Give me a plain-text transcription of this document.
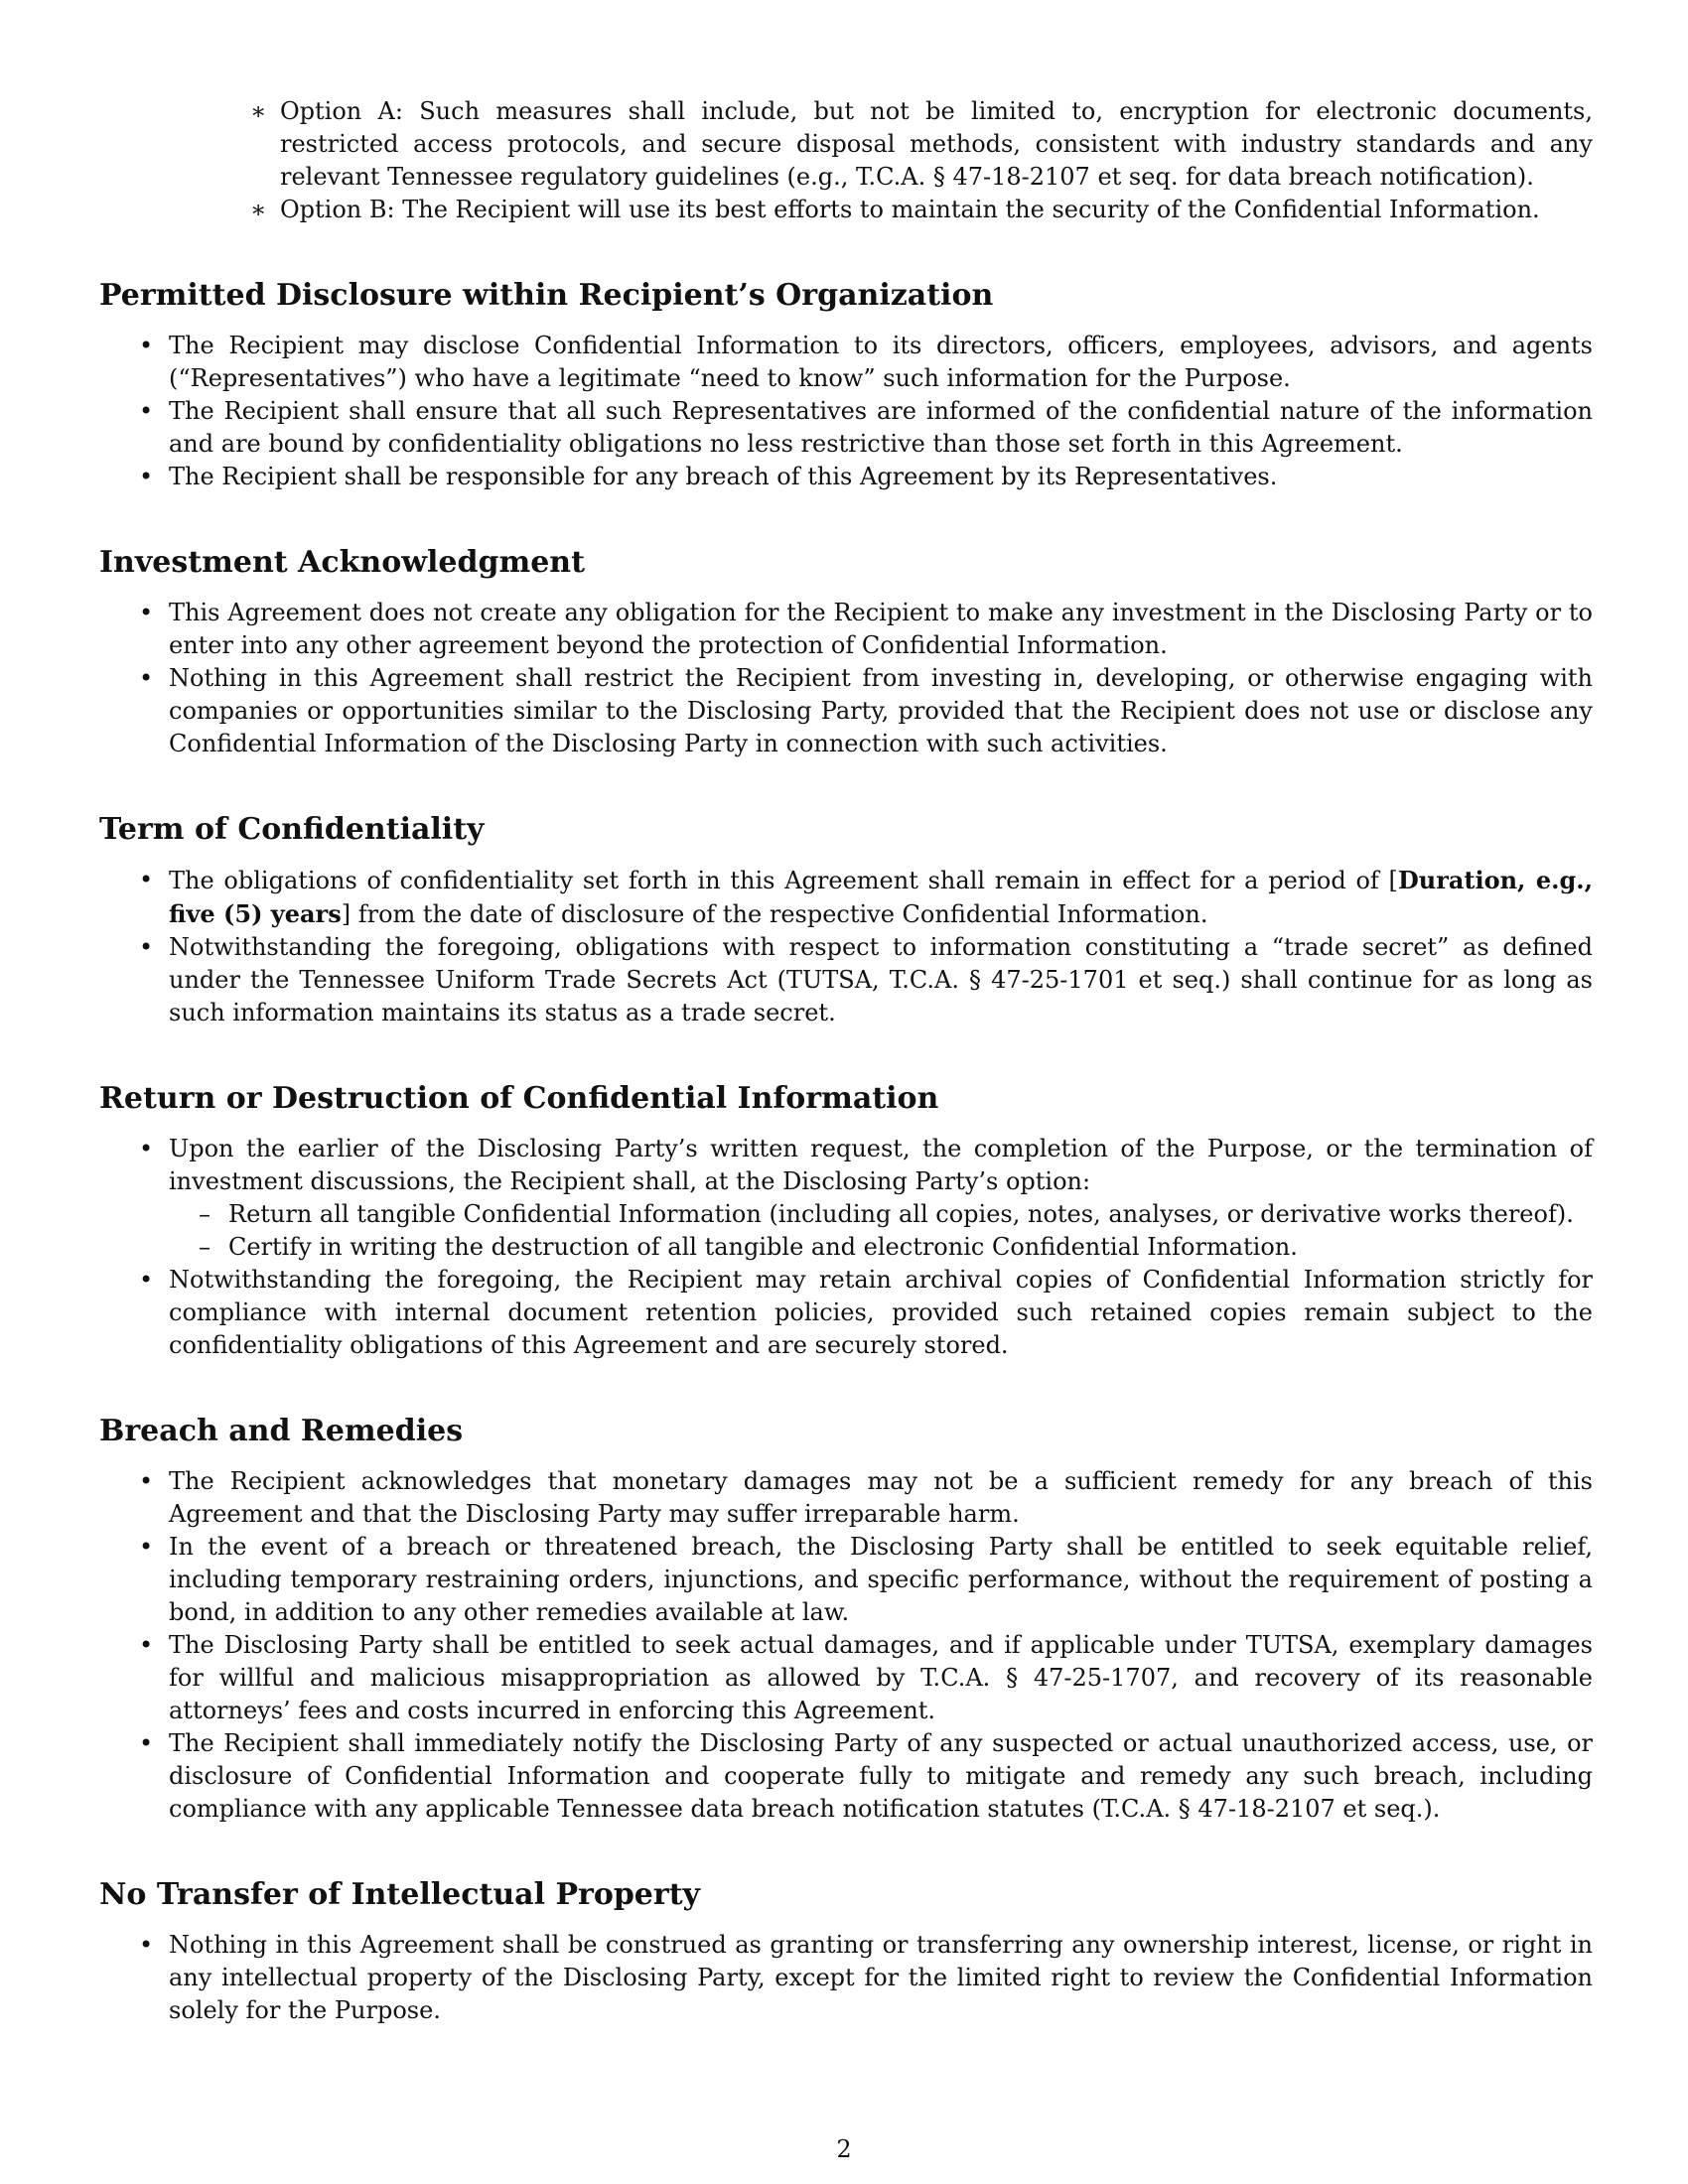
∗ Option A: Such measures shall include, but not be limited to, encryption for electronic documents, restricted access protocols, and secure disposal methods, consistent with industry standards and any relevant Tennessee regulatory guidelines (e.g., T.C.A. § 47-18-2107 et seq. for data breach notification).
∗ Option B: The Recipient will use its best efforts to maintain the security of the Confidential Information.
Permitted Disclosure within Recipient’s Organization
• The Recipient may disclose Confidential Information to its directors, officers, employees, advisors, and agents (“Representatives”) who have a legitimate “need to know” such information for the Purpose.
• The Recipient shall ensure that all such Representatives are informed of the confidential nature of the information and are bound by confidentiality obligations no less restrictive than those set forth in this Agreement.
• The Recipient shall be responsible for any breach of this Agreement by its Representatives.
Investment Acknowledgment
• This Agreement does not create any obligation for the Recipient to make any investment in the Disclosing Party or to enter into any other agreement beyond the protection of Confidential Information.
• Nothing in this Agreement shall restrict the Recipient from investing in, developing, or otherwise engaging with companies or opportunities similar to the Disclosing Party, provided that the Recipient does not use or disclose any Confidential Information of the Disclosing Party in connection with such activities.
Term of Confidentiality
• The obligations of confidentiality set forth in this Agreement shall remain in effect for a period of [Duration, e.g., five (5) years] from the date of disclosure of the respective Confidential Information.
• Notwithstanding the foregoing, obligations with respect to information constituting a “trade secret” as defined under the Tennessee Uniform Trade Secrets Act (TUTSA, T.C.A. § 47-25-1701 et seq.) shall continue for as long as such information maintains its status as a trade secret.
Return or Destruction of Confidential Information
• Upon the earlier of the Disclosing Party’s written request, the completion of the Purpose, or the termination of investment discussions, the Recipient shall, at the Disclosing Party’s option:
– Return all tangible Confidential Information (including all copies, notes, analyses, or derivative works thereof).
– Certify in writing the destruction of all tangible and electronic Confidential Information.
• Notwithstanding the foregoing, the Recipient may retain archival copies of Confidential Information strictly for compliance with internal document retention policies, provided such retained copies remain subject to the confidentiality obligations of this Agreement and are securely stored.
Breach and Remedies
• The Recipient acknowledges that monetary damages may not be a sufficient remedy for any breach of this Agreement and that the Disclosing Party may suffer irreparable harm.
• In the event of a breach or threatened breach, the Disclosing Party shall be entitled to seek equitable relief, including temporary restraining orders, injunctions, and specific performance, without the requirement of posting a bond, in addition to any other remedies available at law.
• The Disclosing Party shall be entitled to seek actual damages, and if applicable under TUTSA, exemplary damages for willful and malicious misappropriation as allowed by T.C.A. § 47-25-1707, and recovery of its reasonable attorneys’ fees and costs incurred in enforcing this Agreement.
• The Recipient shall immediately notify the Disclosing Party of any suspected or actual unauthorized access, use, or disclosure of Confidential Information and cooperate fully to mitigate and remedy any such breach, including compliance with any applicable Tennessee data breach notification statutes (T.C.A. § 47-18-2107 et seq.).
No Transfer of Intellectual Property
• Nothing in this Agreement shall be construed as granting or transferring any ownership interest, license, or right in any intellectual property of the Disclosing Party, except for the limited right to review the Confidential Information solely for the Purpose.
2
